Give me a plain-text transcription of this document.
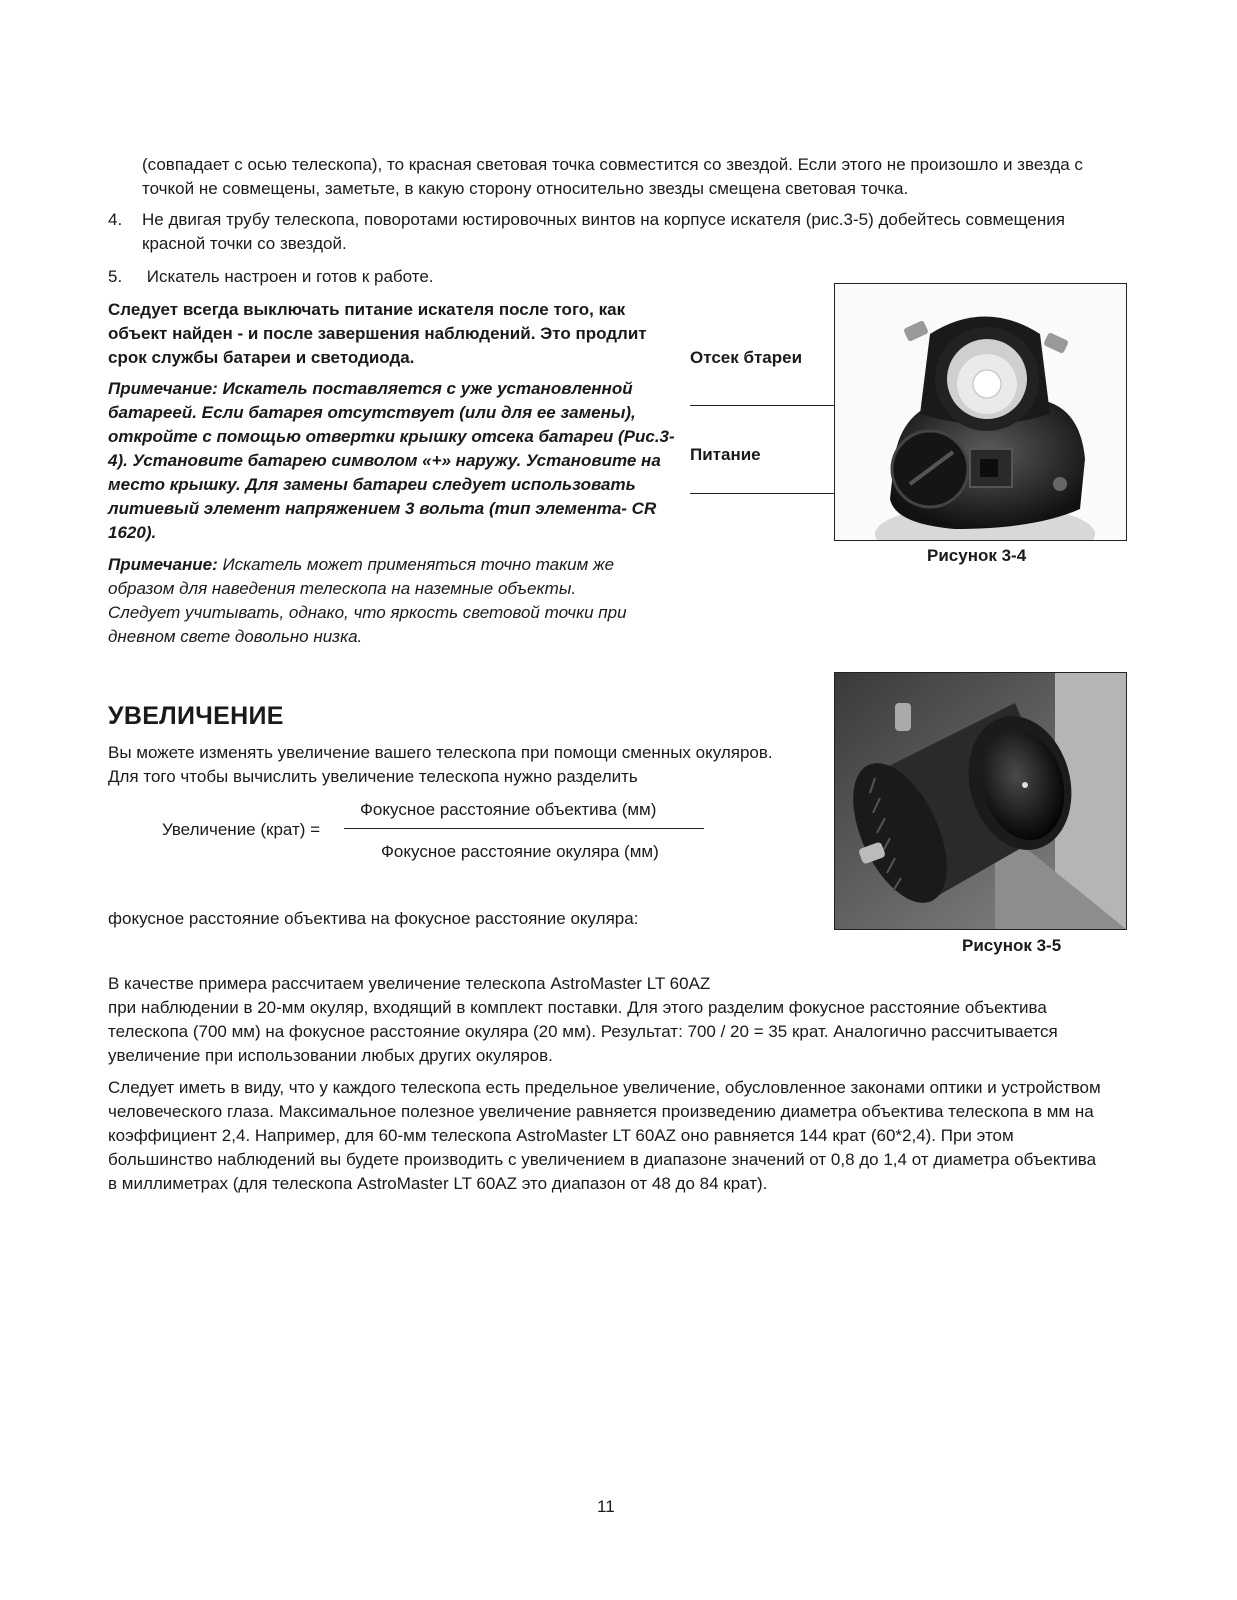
(совпадает с осью телескопа), то красная световая точка совместится со звездой. Если этого не произошло и звезда с точкой не совмещены, заметьте, в какую сторону относительно звезды смещена световая точка.

4.	Не двигая трубу телескопа, поворотами юстировочных винтов на корпусе искателя (рис.3-5) добейтесь совмещения красной точки со звездой.
5.	Искатель настроен и готов к работе.

Следует всегда выключать питание искателя после того, как объект найден - и после завершения наблюдений. Это продлит срок службы батареи и светодиода.

Примечание: Искатель поставляется с уже установленной батареей. Если батарея отсутствует (или для ее замены), откройте с помощью отвертки крышку отсека батареи (Рис.3-4). Установите батарею символом «+» наружу. Установите на место крышку. Для замены батареи следует использовать литиевый элемент напряжением 3 вольта (тип элемента- CR 1620).

Примечание: Искатель может применяться точно таким же образом для наведения телескопа на наземные объекты. Следует учитывать, однако, что яркость световой точки при дневном свете довольно низка.

Отсек бтареи
Питание
Рисунок 3-4
УВЕЛИЧЕНИЕ

Вы можете изменять увеличение вашего телескопа при помощи сменных окуляров. Для того чтобы вычислить увеличение телескопа нужно разделить

Фокусное расстояние объектива (мм)
Увеличение (крат) =
Фокусное расстояние окуляра (мм)

фокусное расстояние объектива на фокусное расстояние окуляра:

Рисунок 3-5

В качестве примера рассчитаем увеличение телескопа AstroMaster LT 60AZ
при наблюдении в 20-мм окуляр, входящий в комплект поставки. Для этого разделим фокусное расстояние объектива телескопа (700 мм) на фокусное расстояние окуляра (20 мм). Результат: 700 / 20 = 35 крат. Аналогично рассчитывается увеличение при использовании любых других окуляров.

Следует иметь в виду, что у каждого телескопа есть предельное увеличение, обусловленное законами оптики и устройством человеческого глаза. Максимальное полезное увеличение равняется произведению диаметра объектива телескопа в мм на коэффициент 2,4. Например, для 60-мм телескопа AstroMaster LT 60AZ оно равняется 144 крат (60*2,4). При этом большинство наблюдений вы будете производить с увеличением в диапазоне значений от 0,8 до 1,4 от диаметра объектива в миллиметрах (для телескопа AstroMaster LT 60AZ это диапазон от 48 до 84 крат).

11
